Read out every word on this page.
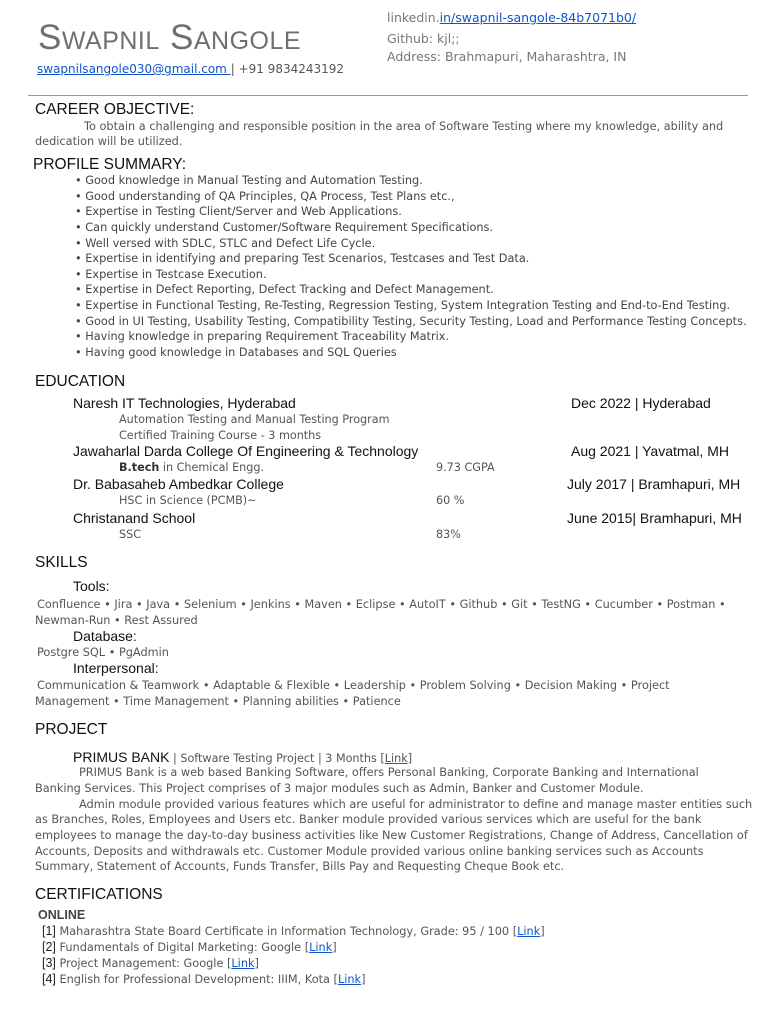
Swapnil Sangole
swapnilsangole030@gmail.com | +91 9834243192
linkedin.in/swapnil-sangole-84b7071b0/
Github: kjl;;
Address: Brahmapuri, Maharashtra, IN
CAREER OBJECTIVE:
To obtain a challenging and responsible position in the area of Software Testing where my knowledge, ability and
dedication will be utilized.
PROFILE SUMMARY:
• Good knowledge in Manual Testing and Automation Testing.
• Good understanding of QA Principles, QA Process, Test Plans etc.,
• Expertise in Testing Client/Server and Web Applications.
• Can quickly understand Customer/Software Requirement Specifications.
• Well versed with SDLC, STLC and Defect Life Cycle.
• Expertise in identifying and preparing Test Scenarios, Testcases and Test Data.
• Expertise in Testcase Execution.
• Expertise in Defect Reporting, Defect Tracking and Defect Management.
• Expertise in Functional Testing, Re-Testing, Regression Testing, System Integration Testing and End-to-End Testing.
• Good in UI Testing, Usability Testing, Compatibility Testing, Security Testing, Load and Performance Testing Concepts.
• Having knowledge in preparing Requirement Traceability Matrix.
• Having good knowledge in Databases and SQL Queries
EDUCATION
Naresh IT Technologies, Hyderabad	Dec 2022 | Hyderabad
Automation Testing and Manual Testing Program
Certified Training Course - 3 months
Jawaharlal Darda College Of Engineering & Technology	Aug 2021 | Yavatmal, MH
B.tech in Chemical Engg.	9.73 CGPA
Dr. Babasaheb Ambedkar College	July 2017 | Bramhapuri, MH
HSC in Science (PCMB)~	60 %
Christanand School	June 2015| Bramhapuri, MH
SSC	83%
SKILLS
Tools:
Confluence • Jira • Java • Selenium • Jenkins • Maven • Eclipse • AutoIT • Github • Git • TestNG • Cucumber • Postman •
Newman-Run • Rest Assured
Database:
Postgre SQL • PgAdmin
Interpersonal:
Communication & Teamwork • Adaptable & Flexible • Leadership • Problem Solving • Decision Making • Project
Management • Time Management • Planning abilities • Patience
PROJECT
PRIMUS BANK | Software Testing Project | 3 Months [Link]
PRIMUS Bank is a web based Banking Software, offers Personal Banking, Corporate Banking and International
Banking Services. This Project comprises of 3 major modules such as Admin, Banker and Customer Module.
Admin module provided various features which are useful for administrator to define and manage master entities such
as Branches, Roles, Employees and Users etc. Banker module provided various services which are useful for the bank
employees to manage the day-to-day business activities like New Customer Registrations, Change of Address, Cancellation of
Accounts, Deposits and withdrawals etc. Customer Module provided various online banking services such as Accounts
Summary, Statement of Accounts, Funds Transfer, Bills Pay and Requesting Cheque Book etc.
CERTIFICATIONS
ONLINE
[1] Maharashtra State Board Certificate in Information Technology, Grade: 95 / 100 [Link]
[2] Fundamentals of Digital Marketing: Google [Link]
[3] Project Management: Google [Link]
[4] English for Professional Development: IIIM, Kota [Link]
